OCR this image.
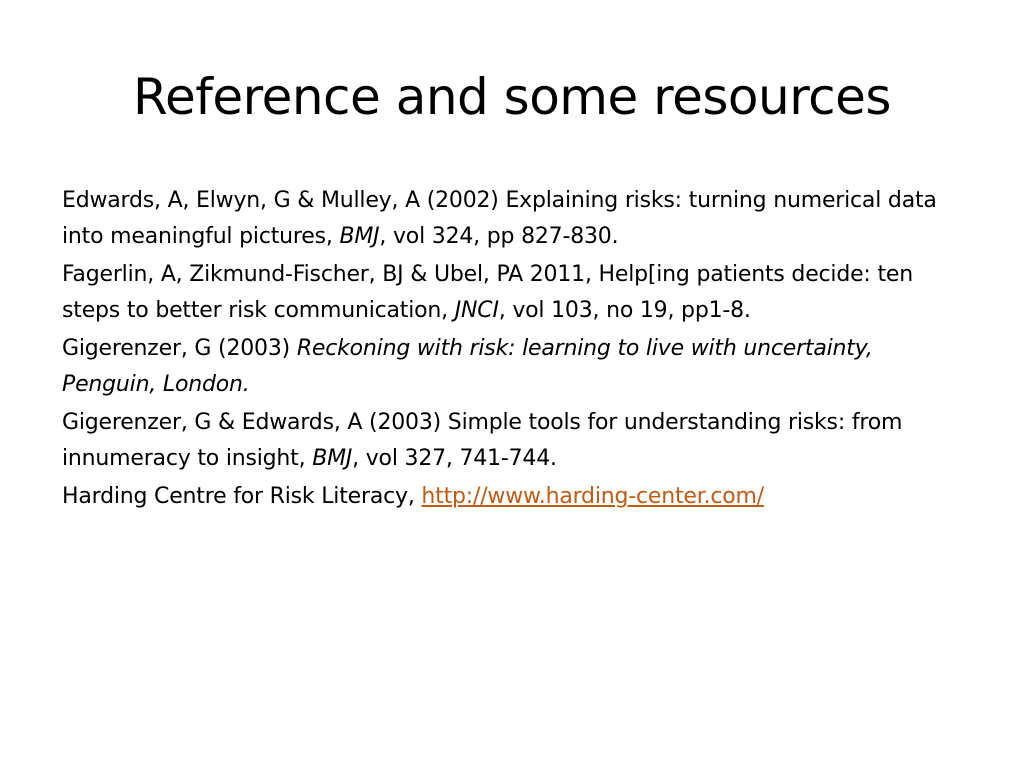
Reference and some resources
Edwards, A, Elwyn, G & Mulley, A (2002) Explaining risks: turning numerical data into meaningful pictures, BMJ, vol 324, pp 827-830.
Fagerlin, A, Zikmund-Fischer, BJ & Ubel, PA 2011, Help[ing patients decide: ten steps to better risk communication, JNCI, vol 103, no 19, pp1-8.
Gigerenzer, G (2003) Reckoning with risk: learning to live with uncertainty, Penguin, London.
Gigerenzer, G & Edwards, A (2003) Simple tools for understanding risks: from innumeracy to insight, BMJ, vol 327, 741-744.
Harding Centre for Risk Literacy, http://www.harding-center.com/
